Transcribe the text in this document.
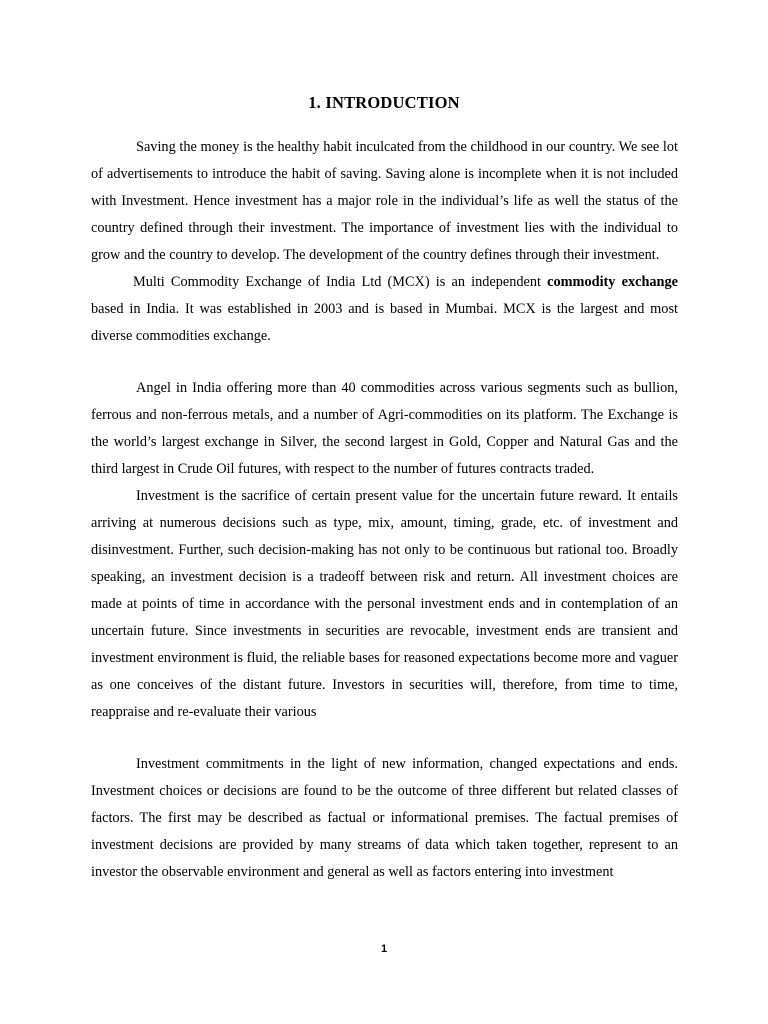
1. INTRODUCTION

Saving the money is the healthy habit inculcated from the childhood in our country. We see lot of advertisements to introduce the habit of saving. Saving alone is incomplete when it is not included with Investment. Hence investment has a major role in the individual’s life as well the status of the country defined through their investment. The importance of investment lies with the individual to grow and the country to develop. The development of the country defines through their investment.

Multi Commodity Exchange of India Ltd (MCX) is an independent commodity exchange based in India. It was established in 2003 and is based in Mumbai. MCX is the largest and most diverse commodities exchange.

Angel in India offering more than 40 commodities across various segments such as bullion, ferrous and non-ferrous metals, and a number of Agri-commodities on its platform. The Exchange is the world’s largest exchange in Silver, the second largest in Gold, Copper and Natural Gas and the third largest in Crude Oil futures, with respect to the number of futures contracts traded.

Investment is the sacrifice of certain present value for the uncertain future reward. It entails arriving at numerous decisions such as type, mix, amount, timing, grade, etc. of investment and disinvestment. Further, such decision-making has not only to be continuous but rational too. Broadly speaking, an investment decision is a tradeoff between risk and return. All investment choices are made at points of time in accordance with the personal investment ends and in contemplation of an uncertain future. Since investments in securities are revocable, investment ends are transient and investment environment is fluid, the reliable bases for reasoned expectations become more and vaguer as one conceives of the distant future. Investors in securities will, therefore, from time to time, reappraise and re-evaluate their various

Investment commitments in the light of new information, changed expectations and ends. Investment choices or decisions are found to be the outcome of three different but related classes of factors. The first may be described as factual or informational premises. The factual premises of investment decisions are provided by many streams of data which taken together, represent to an investor the observable environment and general as well as factors entering into investment

1
